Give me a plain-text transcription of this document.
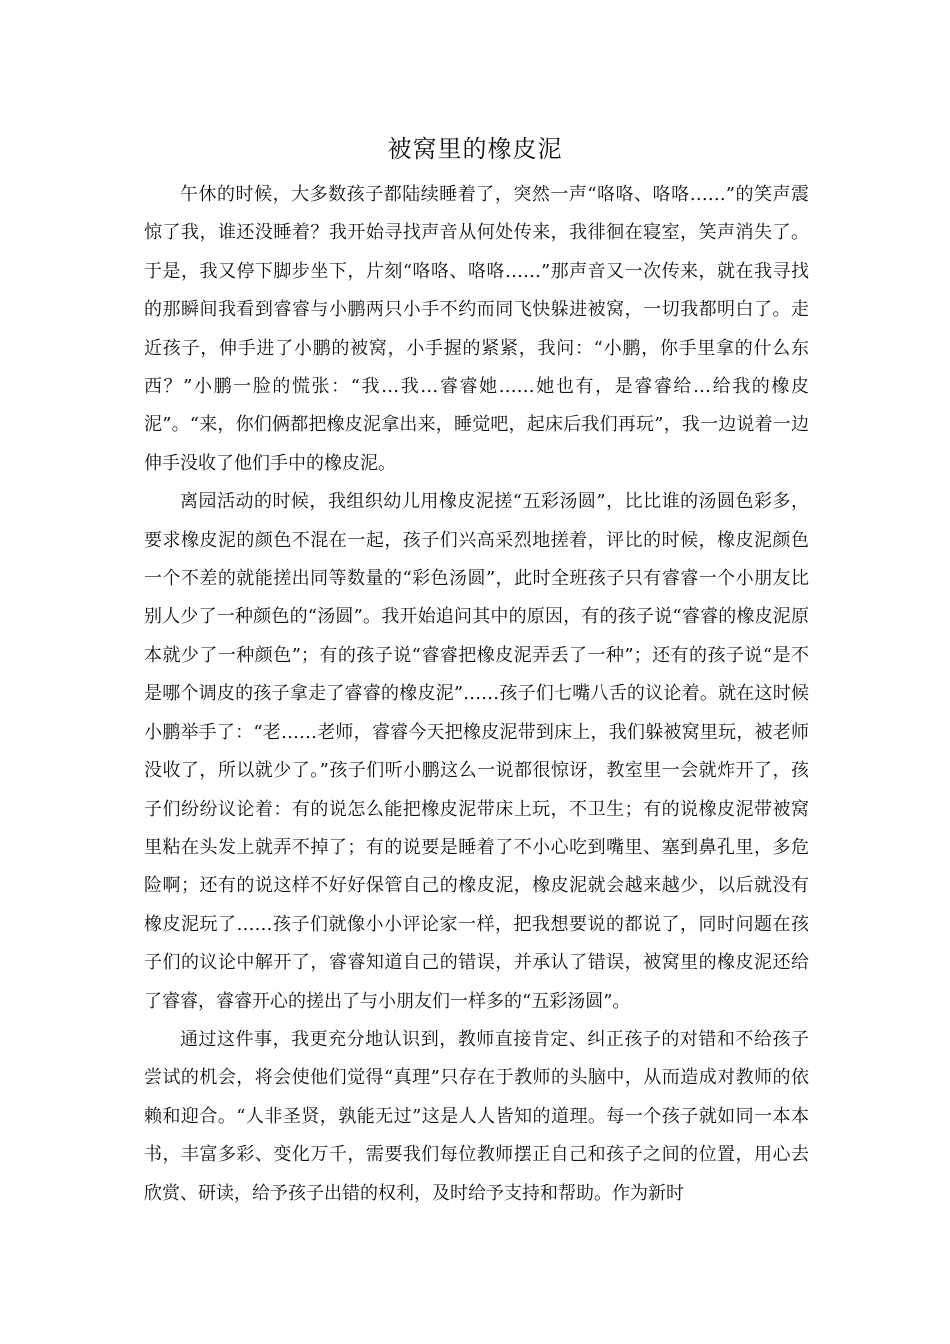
被窝里的橡皮泥

午休的时候，大多数孩子都陆续睡着了，突然一声“咯咯、咯咯……”的笑声震惊了我，谁还没睡着？我开始寻找声音从何处传来，我徘徊在寝室，笑声消失了。于是，我又停下脚步坐下，片刻“咯咯、咯咯……”那声音又一次传来，就在我寻找的那瞬间我看到睿睿与小鹏两只小手不约而同飞快躲进被窝，一切我都明白了。走近孩子，伸手进了小鹏的被窝，小手握的紧紧，我问：“小鹏，你手里拿的什么东西？”小鹏一脸的慌张：“我…我…睿睿她……她也有，是睿睿给…给我的橡皮泥”。“来，你们俩都把橡皮泥拿出来，睡觉吧，起床后我们再玩”，我一边说着一边伸手没收了他们手中的橡皮泥。

离园活动的时候，我组织幼儿用橡皮泥搓“五彩汤圆”，比比谁的汤圆色彩多，要求橡皮泥的颜色不混在一起，孩子们兴高采烈地搓着，评比的时候，橡皮泥颜色一个不差的就能搓出同等数量的“彩色汤圆”，此时全班孩子只有睿睿一个小朋友比别人少了一种颜色的“汤圆”。我开始追问其中的原因，有的孩子说“睿睿的橡皮泥原本就少了一种颜色”；有的孩子说“睿睿把橡皮泥弄丢了一种”；还有的孩子说“是不是哪个调皮的孩子拿走了睿睿的橡皮泥”……孩子们七嘴八舌的议论着。就在这时候小鹏举手了：“老……老师，睿睿今天把橡皮泥带到床上，我们躲被窝里玩，被老师没收了，所以就少了。”孩子们听小鹏这么一说都很惊讶，教室里一会就炸开了，孩子们纷纷议论着：有的说怎么能把橡皮泥带床上玩，不卫生；有的说橡皮泥带被窝里粘在头发上就弄不掉了；有的说要是睡着了不小心吃到嘴里、塞到鼻孔里，多危险啊；还有的说这样不好好保管自己的橡皮泥，橡皮泥就会越来越少，以后就没有橡皮泥玩了……孩子们就像小小评论家一样，把我想要说的都说了，同时问题在孩子们的议论中解开了，睿睿知道自己的错误，并承认了错误，被窝里的橡皮泥还给了睿睿，睿睿开心的搓出了与小朋友们一样多的“五彩汤圆”。

通过这件事，我更充分地认识到，教师直接肯定、纠正孩子的对错和不给孩子尝试的机会，将会使他们觉得“真理”只存在于教师的头脑中，从而造成对教师的依赖和迎合。“人非圣贤，孰能无过”这是人人皆知的道理。每一个孩子就如同一本本书，丰富多彩、变化万千，需要我们每位教师摆正自己和孩子之间的位置，用心去欣赏、研读，给予孩子出错的权利，及时给予支持和帮助。作为新时
